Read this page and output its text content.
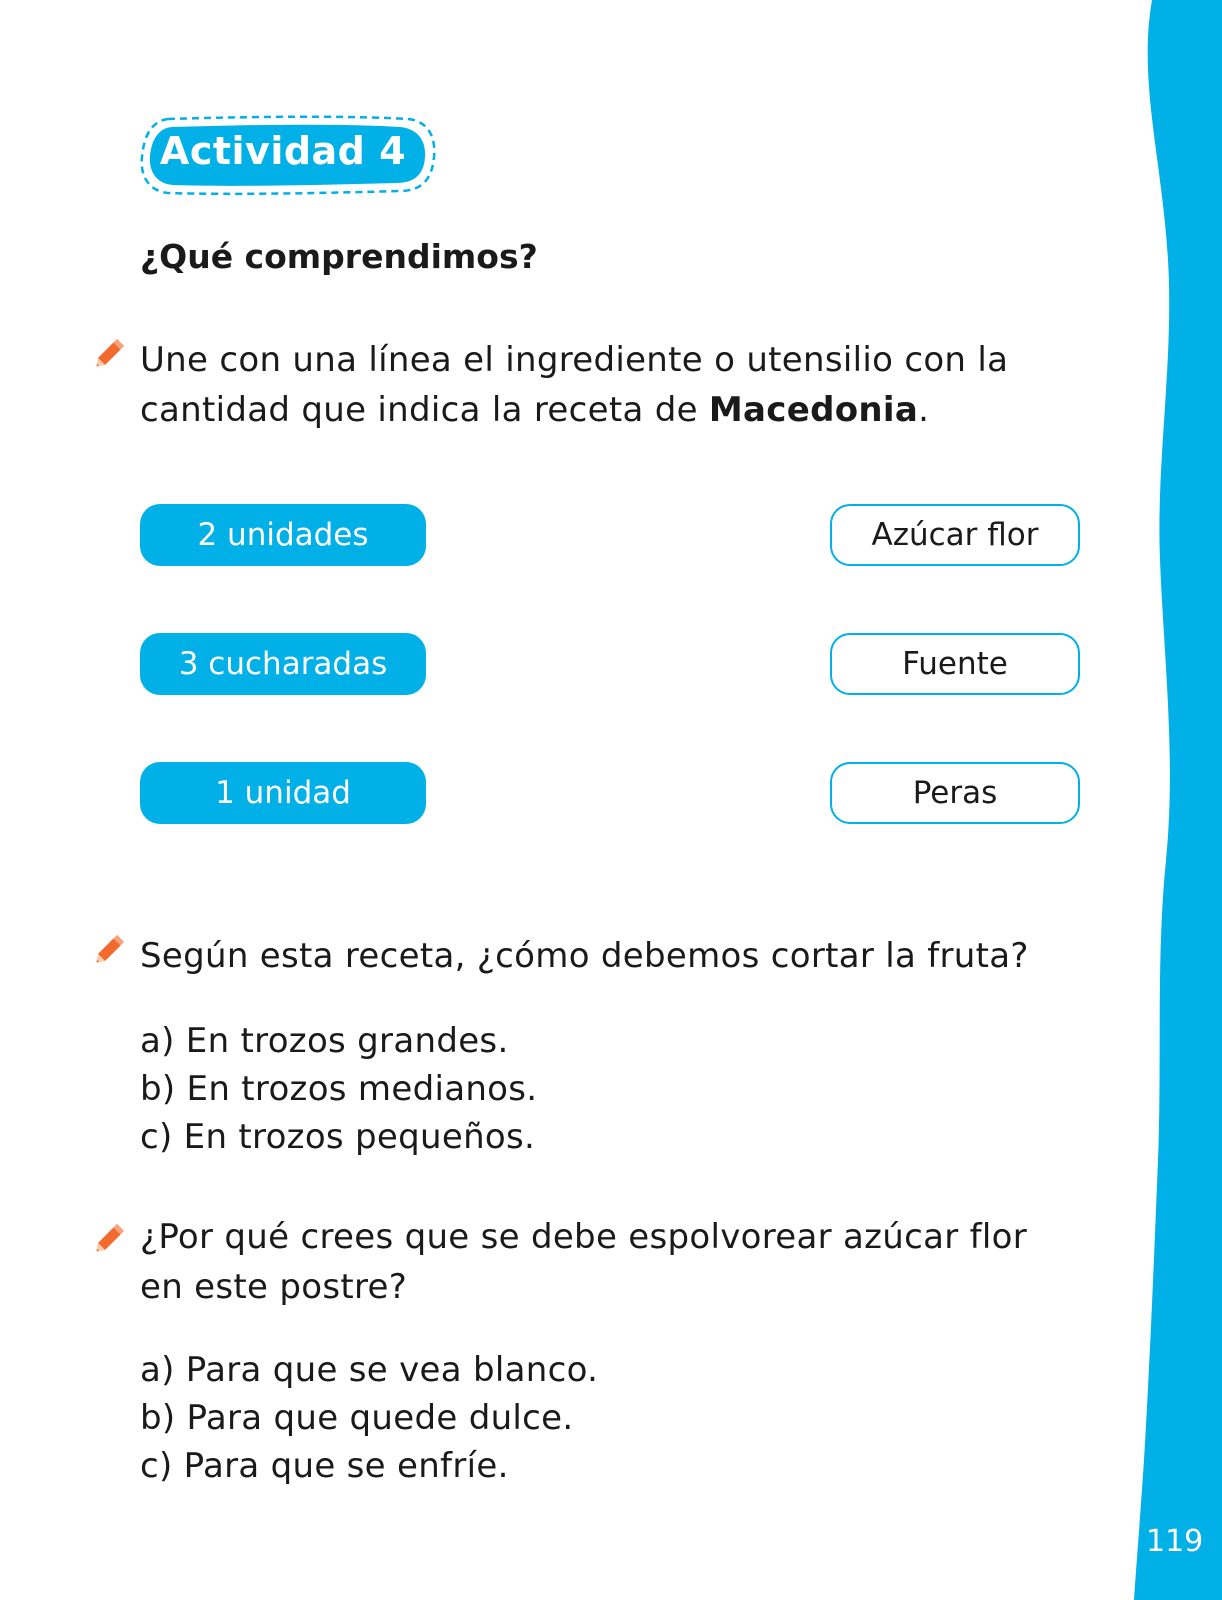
119
Actividad 4
¿Qué comprendimos?
Une con una línea el ingrediente o utensilio con la
cantidad que indica la receta de Macedonia.
2 unidades
3 cucharadas
1 unidad
Azúcar flor
Fuente
Peras
Según esta receta, ¿cómo debemos cortar la fruta?
a) En trozos grandes.
b) En trozos medianos.
c) En trozos pequeños.
¿Por qué crees que se debe espolvorear azúcar flor
en este postre?
a) Para que se vea blanco.
b) Para que quede dulce.
c) Para que se enfríe.
